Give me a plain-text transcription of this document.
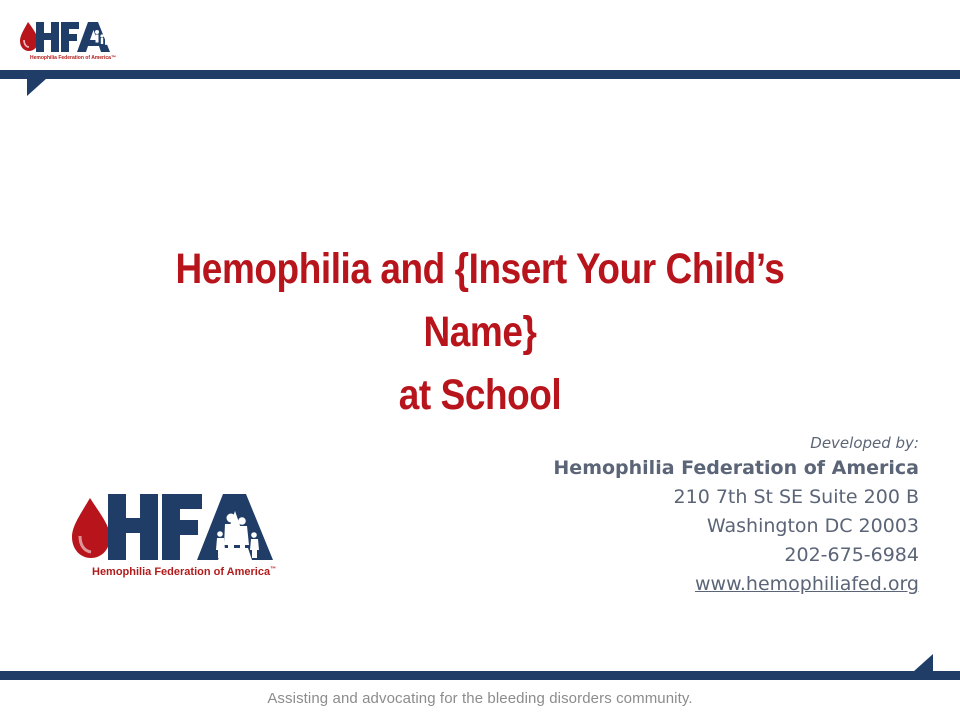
Hemophilia Federation of America™
Hemophilia and {Insert Your Child’s Name}
at School
Hemophilia Federation of America™
Developed by:
Hemophilia Federation of America
210 7th St SE Suite 200 B
Washington DC 20003
202-675-6984
www.hemophiliafed.org
Assisting and advocating for the bleeding disorders community.
